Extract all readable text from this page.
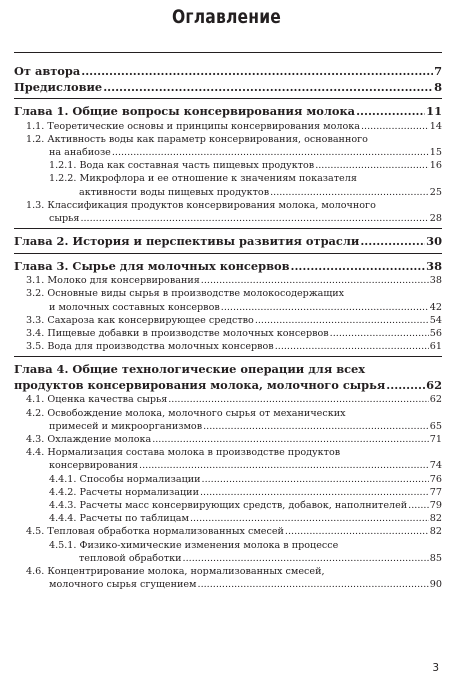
Оглавление
От автора .....	7
Предисловие .....	8
Глава 1. Общие вопросы консервирования молока .....	11
1.1. Теоретические основы и принципы консервирования молока .....	14
1.2. Активность воды как параметр консервирования, основанного
на анабиозе .....	15
1.2.1. Вода как составная часть пищевых продуктов .....	16
1.2.2. Микрофлора и ее отношение к значениям показателя
активности воды пищевых продуктов .....	25
1.3. Классификация продуктов консервирования молока, молочного
сырья .....	28
Глава 2. История и перспективы развития отрасли .....	30
Глава 3. Сырье для молочных консервов .....	38
3.1. Молоко для консервирования .....	38
3.2. Основные виды сырья в производстве молокосодержащих
и молочных составных консервов .....	42
3.3. Сахароза как консервирующее средство .....	54
3.4. Пищевые добавки в производстве молочных консервов .....	56
3.5. Вода для производства молочных консервов .....	61
Глава 4. Общие технологические операции для всех
продуктов консервирования молока, молочного сырья .....	62
4.1. Оценка качества сырья .....	62
4.2. Освобождение молока, молочного сырья от механических
примесей и микроорганизмов .....	65
4.3. Охлаждение молока .....	71
4.4. Нормализация состава молока в производстве продуктов
консервирования .....	74
4.4.1. Способы нормализации .....	76
4.4.2. Расчеты нормализации .....	77
4.4.3. Расчеты масс консервирующих средств, добавок, наполнителей ..... 79
4.4.4. Расчеты по таблицам .....	82
4.5. Тепловая обработка нормализованных смесей .....	82
4.5.1. Физико-химические изменения молока в процессе
тепловой обработки .....	85
4.6. Концентрирование молока, нормализованных смесей,
молочного сырья сгущением .....	90
3
